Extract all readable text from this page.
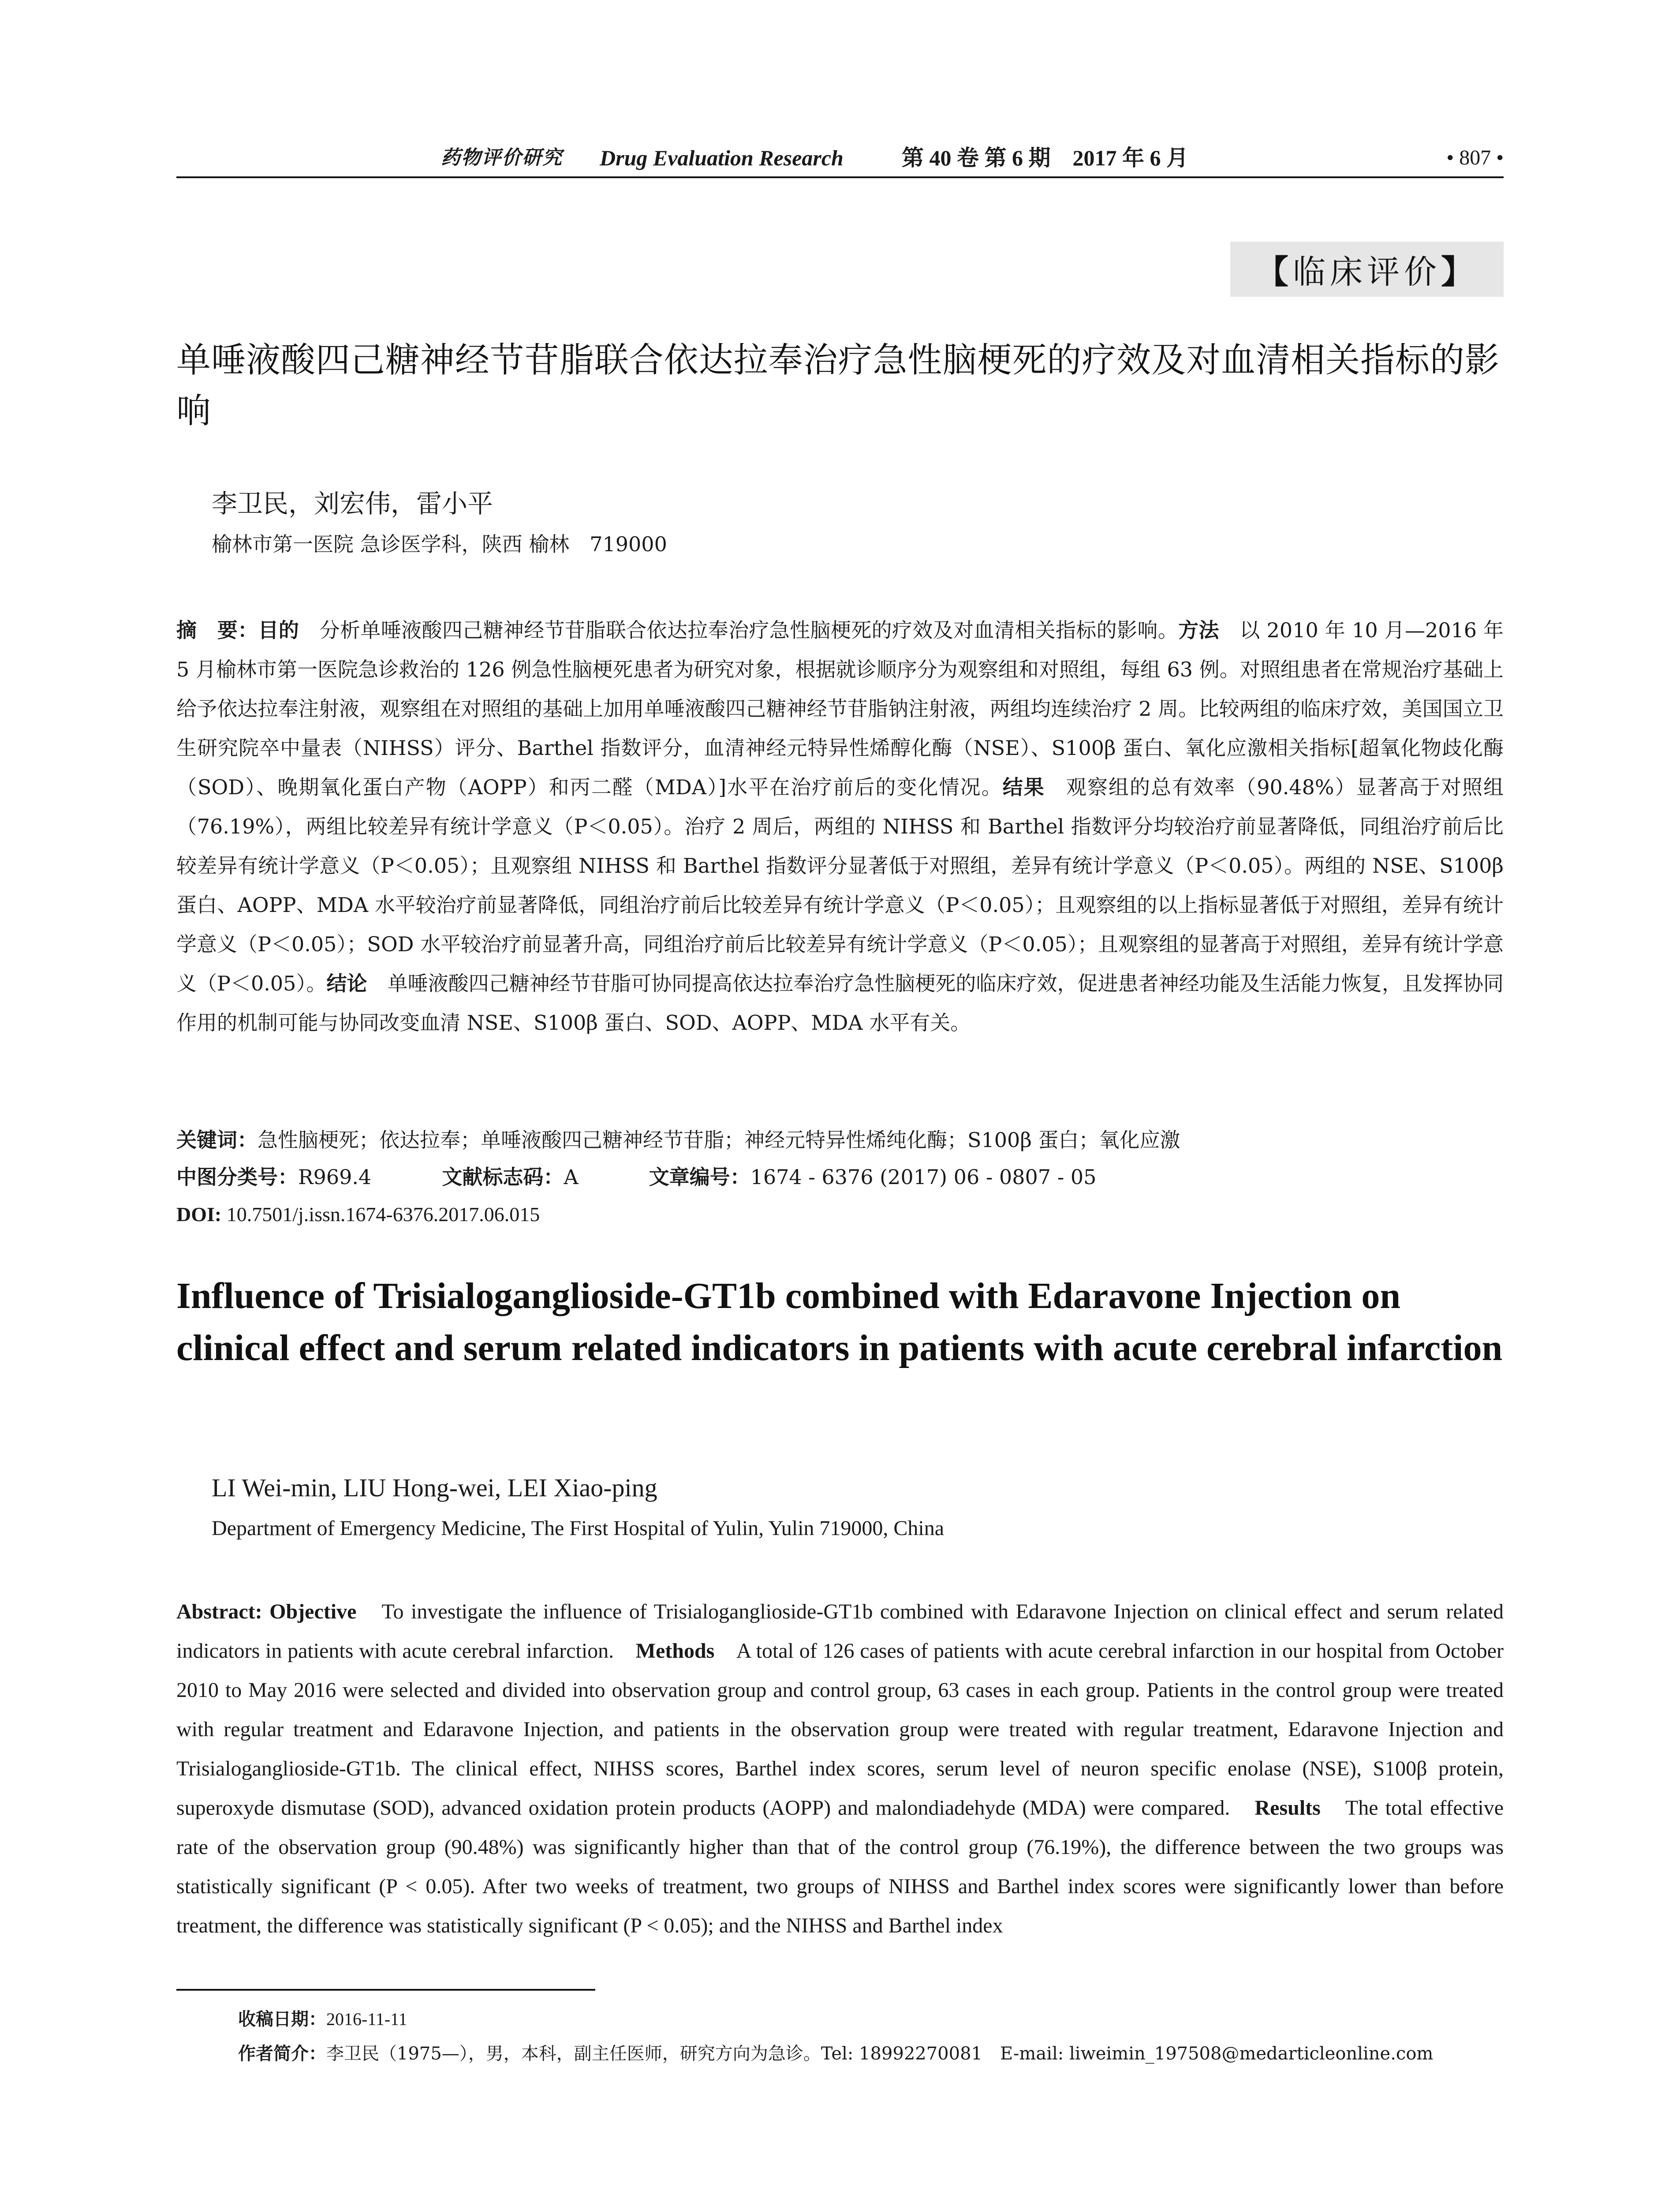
药物评价研究 Drug Evaluation Research	第 40 卷 第 6 期　2017 年 6 月	• 807 •
【 临床评价 】
单唾液酸四己糖神经节苷脂联合依达拉奉治疗急性脑梗死的疗效及对血清相关指标的影响
李卫民，刘宏伟，雷小平
榆林市第一医院 急诊医学科，陕西 榆林　719000

摘　要：目的　分析单唾液酸四己糖神经节苷脂联合依达拉奉治疗急性脑梗死的疗效及对血清相关指标的影响。方法　以 2010 年 10 月—2016 年 5 月榆林市第一医院急诊救治的 126 例急性脑梗死患者为研究对象，根据就诊顺序分为观察组和对照组，每组 63 例。对照组患者在常规治疗基础上给予依达拉奉注射液，观察组在对照组的基础上加用单唾液酸四己糖神经节苷脂钠注射液，两组均连续治疗 2 周。比较两组的临床疗效，美国国立卫生研究院卒中量表（NIHSS）评分、Barthel 指数评分，血清神经元特异性烯醇化酶（NSE）、S100β 蛋白、氧化应激相关指标[超氧化物歧化酶（SOD）、晚期氧化蛋白产物（AOPP）和丙二醛（MDA）]水平在治疗前后的变化情况。结果　观察组的总有效率（90.48%）显著高于对照组（76.19%），两组比较差异有统计学意义（P＜0.05）。治疗 2 周后，两组的 NIHSS 和 Barthel 指数评分均较治疗前显著降低，同组治疗前后比较差异有统计学意义（P＜0.05）；且观察组 NIHSS 和 Barthel 指数评分显著低于对照组，差异有统计学意义（P＜0.05）。两组的 NSE、S100β 蛋白、AOPP、MDA 水平较治疗前显著降低，同组治疗前后比较差异有统计学意义（P＜0.05）；且观察组的以上指标显著低于对照组，差异有统计学意义（P＜0.05）；SOD 水平较治疗前显著升高，同组治疗前后比较差异有统计学意义（P＜0.05）；且观察组的显著高于对照组，差异有统计学意义（P＜0.05）。结论　单唾液酸四己糖神经节苷脂可协同提高依达拉奉治疗急性脑梗死的临床疗效，促进患者神经功能及生活能力恢复，且发挥协同作用的机制可能与协同改变血清 NSE、S100β 蛋白、SOD、AOPP、MDA 水平有关。

关键词：急性脑梗死；依达拉奉；单唾液酸四己糖神经节苷脂；神经元特异性烯纯化酶；S100β 蛋白；氧化应激
中图分类号：R969.4	文献标志码：A	文章编号：1674 - 6376 (2017) 06 - 0807 - 05
DOI: 10.7501/j.issn.1674-6376.2017.06.015
Influence of Trisialoganglioside-GT1b combined with Edaravone Injection on clinical effect and serum related indicators in patients with acute cerebral infarction
LI Wei-min, LIU Hong-wei, LEI Xiao-ping
Department of Emergency Medicine, The First Hospital of Yulin, Yulin 719000, China
Abstract: Objective　To investigate the influence of Trisialoganglioside-GT1b combined with Edaravone Injection on clinical effect and serum related indicators in patients with acute cerebral infarction.　Methods　A total of 126 cases of patients with acute cerebral infarction in our hospital from October 2010 to May 2016 were selected and divided into observation group and control group, 63 cases in each group. Patients in the control group were treated with regular treatment and Edaravone Injection, and patients in the observation group were treated with regular treatment, Edaravone Injection and Trisialoganglioside-GT1b. The clinical effect, NIHSS scores, Barthel index scores, serum level of neuron specific enolase (NSE), S100β protein, superoxyde dismutase (SOD), advanced oxidation protein products (AOPP) and malondiadehyde (MDA) were compared.　Results　The total effective rate of the observation group (90.48%) was significantly higher than that of the control group (76.19%), the difference between the two groups was statistically significant (P < 0.05). After two weeks of treatment, two groups of NIHSS and Barthel index scores were significantly lower than before treatment, the difference was statistically significant (P < 0.05); and the NIHSS and Barthel index
收稿日期：2016-11-11
作者简介：李卫民（1975—），男，本科，副主任医师，研究方向为急诊。Tel: 18992270081　E-mail: liweimin_197508@medarticleonline.com
